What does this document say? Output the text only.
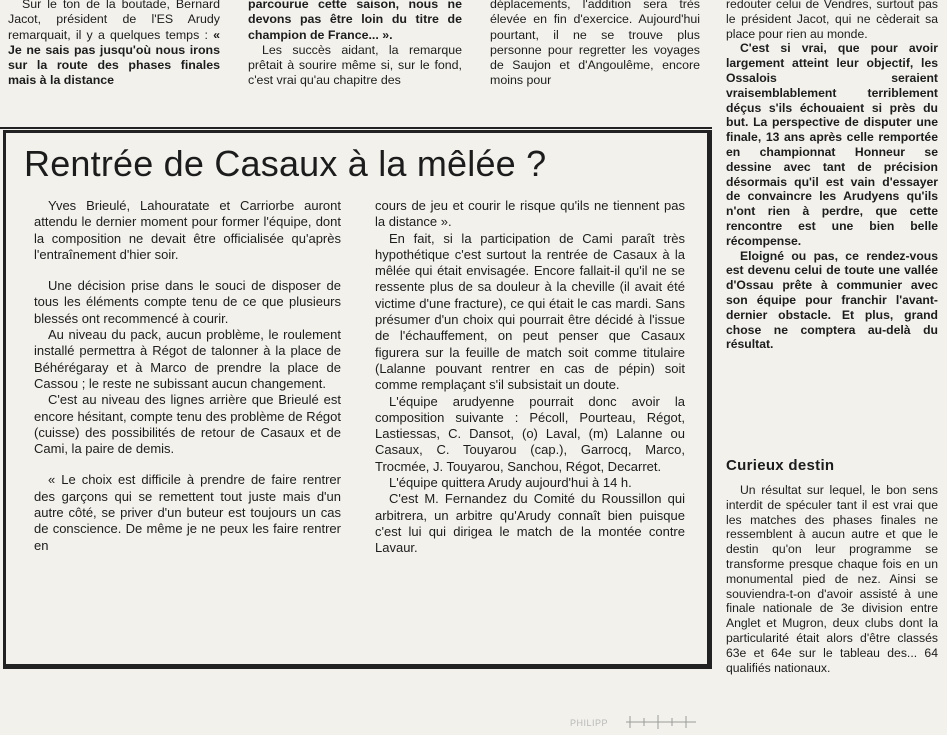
Sur le ton de la boutade, Bernard Jacot, président de l'ES Arudy remarquait, il y a quelques temps : « Je ne sais pas jusqu'où nous irons sur la route des phases finales mais à la distance

parcourue cette saison, nous ne devons pas être loin du titre de champion de France... ».

Les succès aidant, la remarque prêtait à sourire même si, sur le fond, c'est vrai qu'au chapitre des

déplacements, l'addition sera très élevée en fin d'exercice. Aujourd'hui pourtant, il ne se trouve plus personne pour regretter les voyages de Saujon et d'Angoulême, encore moins pour

redouter celui de Vendres, surtout pas le président Jacot, qui ne cèderait sa place pour rien au monde.

C'est si vrai, que pour avoir largement atteint leur objectif, les Ossalois seraient vraisemblablement terriblement déçus s'ils échouaient si près du but. La perspective de disputer une finale, 13 ans après celle remportée en championnat Honneur se dessine avec tant de précision désormais qu'il est vain d'essayer de convaincre les Arudyens qu'ils n'ont rien à perdre, que cette rencontre est une bien belle récompense.

Eloigné ou pas, ce rendez-vous est devenu celui de toute une vallée d'Ossau prête à communier avec son équipe pour franchir l'avant-dernier obstacle. Et plus, grand chose ne comptera au-delà du résultat.

Rentrée de Casaux à la mêlée ?

Yves Brieulé, Lahouratate et Carriorbe auront attendu le dernier moment pour former l'équipe, dont la composition ne devait être officialisée qu'après l'entraînement d'hier soir.

Une décision prise dans le souci de disposer de tous les éléments compte tenu de ce que plusieurs blessés ont recommencé à courir.

Au niveau du pack, aucun problème, le roulement installé permettra à Régot de talonner à la place de Béhérégaray et à Marco de prendre la place de Cassou ; le reste ne subissant aucun changement.

C'est au niveau des lignes arrière que Brieulé est encore hésitant, compte tenu des problème de Régot (cuisse) des possibilités de retour de Casaux et de Cami, la paire de demis.

« Le choix est difficile à prendre de faire rentrer des garçons qui se remettent tout juste mais d'un autre côté, se priver d'un buteur est toujours un cas de conscience. De même je ne peux les faire rentrer en

cours de jeu et courir le risque qu'ils ne tiennent pas la distance ».

En fait, si la participation de Cami paraît très hypothétique c'est surtout la rentrée de Casaux à la mêlée qui était envisagée. Encore fallait-il qu'il ne se ressente plus de sa douleur à la cheville (il avait été victime d'une fracture), ce qui était le cas mardi. Sans présumer d'un choix qui pourrait être décidé à l'issue de l'échauffement, on peut penser que Casaux figurera sur la feuille de match soit comme titulaire (Lalanne pouvant rentrer en cas de pépin) soit comme remplaçant s'il subsistait un doute.

L'équipe arudyenne pourrait donc avoir la composition suivante : Pécoll, Pourteau, Régot, Lastiessas, C. Dansot, (o) Laval, (m) Lalanne ou Casaux, C. Touyarou (cap.), Garrocq, Marco, Trocmée, J. Touyarou, Sanchou, Régot, Decarret.

L'équipe quittera Arudy aujourd'hui à 14 h.

C'est M. Fernandez du Comité du Roussillon qui arbitrera, un arbitre qu'Arudy connaît bien puisque c'est lui qui dirigea le match de la montée contre Lavaur.

Curieux destin

Un résultat sur lequel, le bon sens interdit de spéculer tant il est vrai que les matches des phases finales ne ressemblent à aucun autre et que le destin qu'on leur programme se transforme presque chaque fois en un monumental pied de nez. Ainsi se souviendra-t-on d'avoir assisté à une finale nationale de 3e division entre Anglet et Mugron, deux clubs dont la particularité était alors d'être classés 63e et 64e sur le tableau des... 64 qualifiés nationaux.

PHILIPP
